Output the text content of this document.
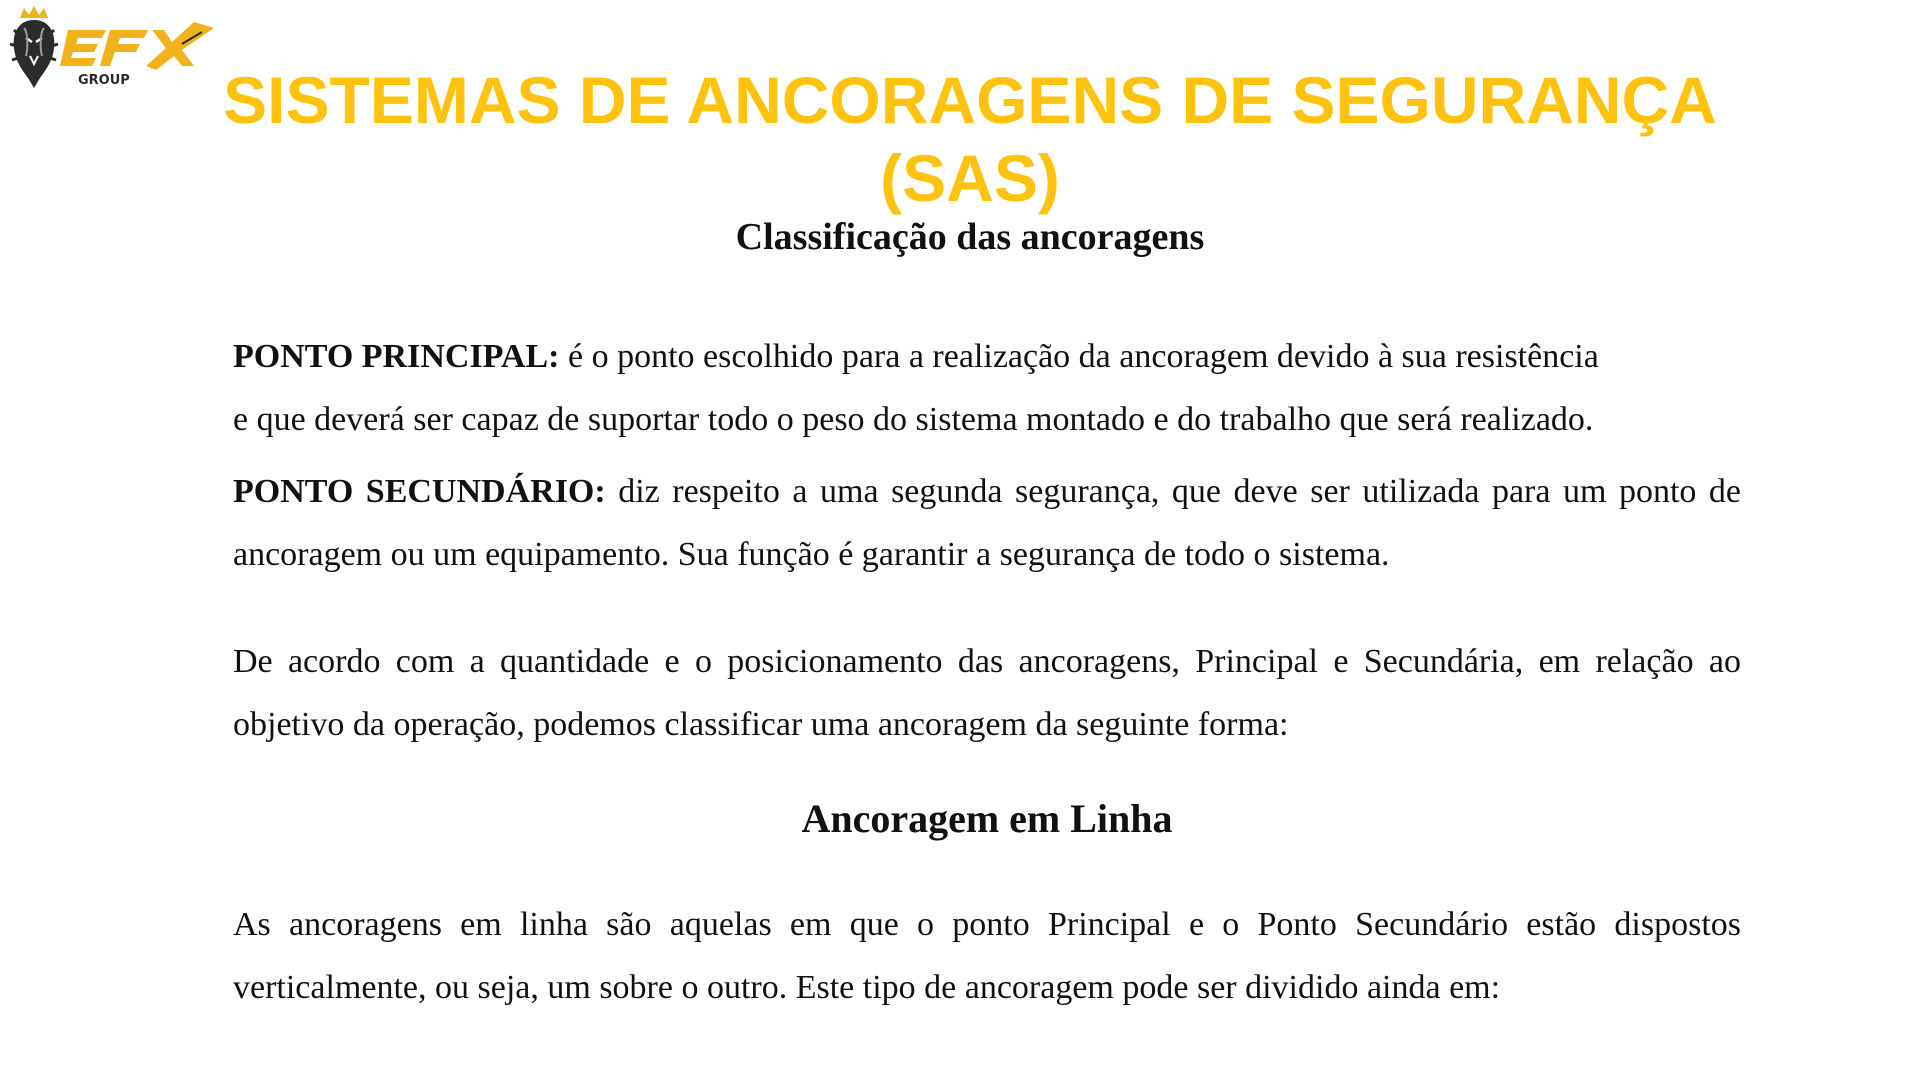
GROUP	SISTEMAS DE ANCORAGENS DE SEGURANÇA
(SAS)
Classificação das ancoragens

PONTO PRINCIPAL: é o ponto escolhido para a realização da ancoragem devido à sua resistência
e que deverá ser capaz de suportar todo o peso do sistema montado e do trabalho que será realizado.

PONTO SECUNDÁRIO: diz respeito a uma segunda segurança, que deve ser utilizada para um ponto de ancoragem ou um equipamento. Sua função é garantir a segurança de todo o sistema.

De acordo com a quantidade e o posicionamento das ancoragens, Principal e Secundária, em relação ao objetivo da operação, podemos classificar uma ancoragem da seguinte forma:

Ancoragem em Linha

As ancoragens em linha são aquelas em que o ponto Principal e o Ponto Secundário estão dispostos verticalmente, ou seja, um sobre o outro. Este tipo de ancoragem pode ser dividido ainda em:
